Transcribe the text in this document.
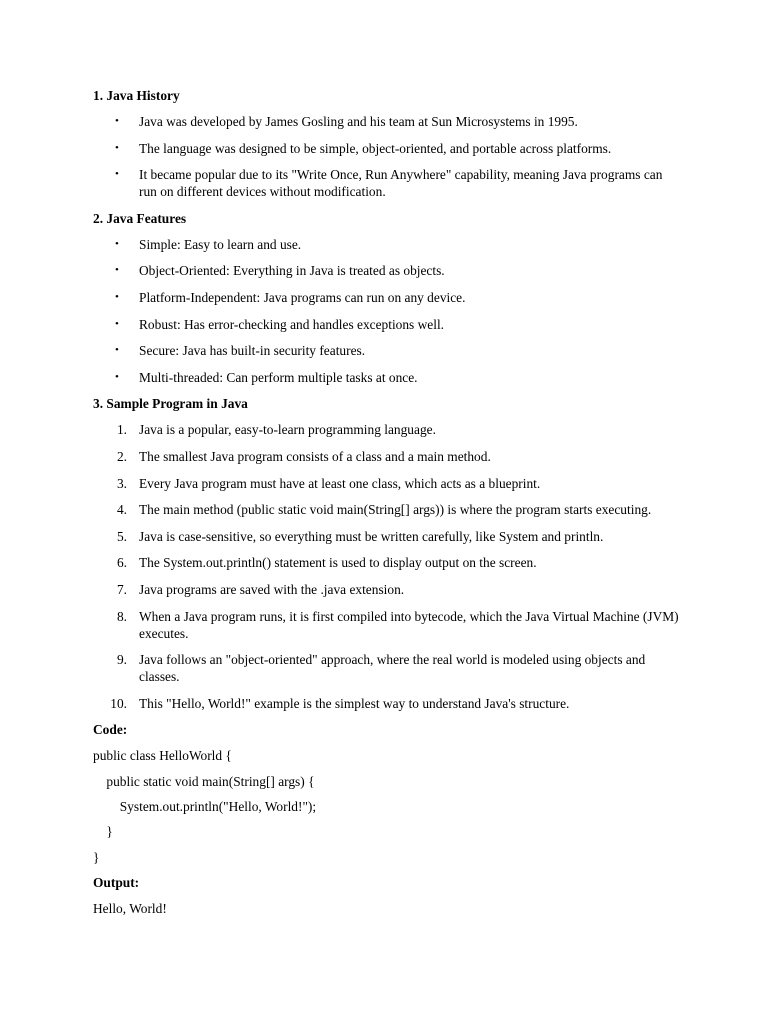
1. Java History
• Java was developed by James Gosling and his team at Sun Microsystems in 1995.
• The language was designed to be simple, object-oriented, and portable across platforms.
• It became popular due to its "Write Once, Run Anywhere" capability, meaning Java programs can run on different devices without modification.
2. Java Features
• Simple: Easy to learn and use.
• Object-Oriented: Everything in Java is treated as objects.
• Platform-Independent: Java programs can run on any device.
• Robust: Has error-checking and handles exceptions well.
• Secure: Java has built-in security features.
• Multi-threaded: Can perform multiple tasks at once.
3. Sample Program in Java
1. Java is a popular, easy-to-learn programming language.
2. The smallest Java program consists of a class and a main method.
3. Every Java program must have at least one class, which acts as a blueprint.
4. The main method (public static void main(String[] args)) is where the program starts executing.
5. Java is case-sensitive, so everything must be written carefully, like System and println.
6. The System.out.println() statement is used to display output on the screen.
7. Java programs are saved with the .java extension.
8. When a Java program runs, it is first compiled into bytecode, which the Java Virtual Machine (JVM) executes.
9. Java follows an "object-oriented" approach, where the real world is modeled using objects and classes.
10. This "Hello, World!" example is the simplest way to understand Java's structure.
Code:
public class HelloWorld {
public static void main(String[] args) {
System.out.println("Hello, World!");
}
}
Output:
Hello, World!
